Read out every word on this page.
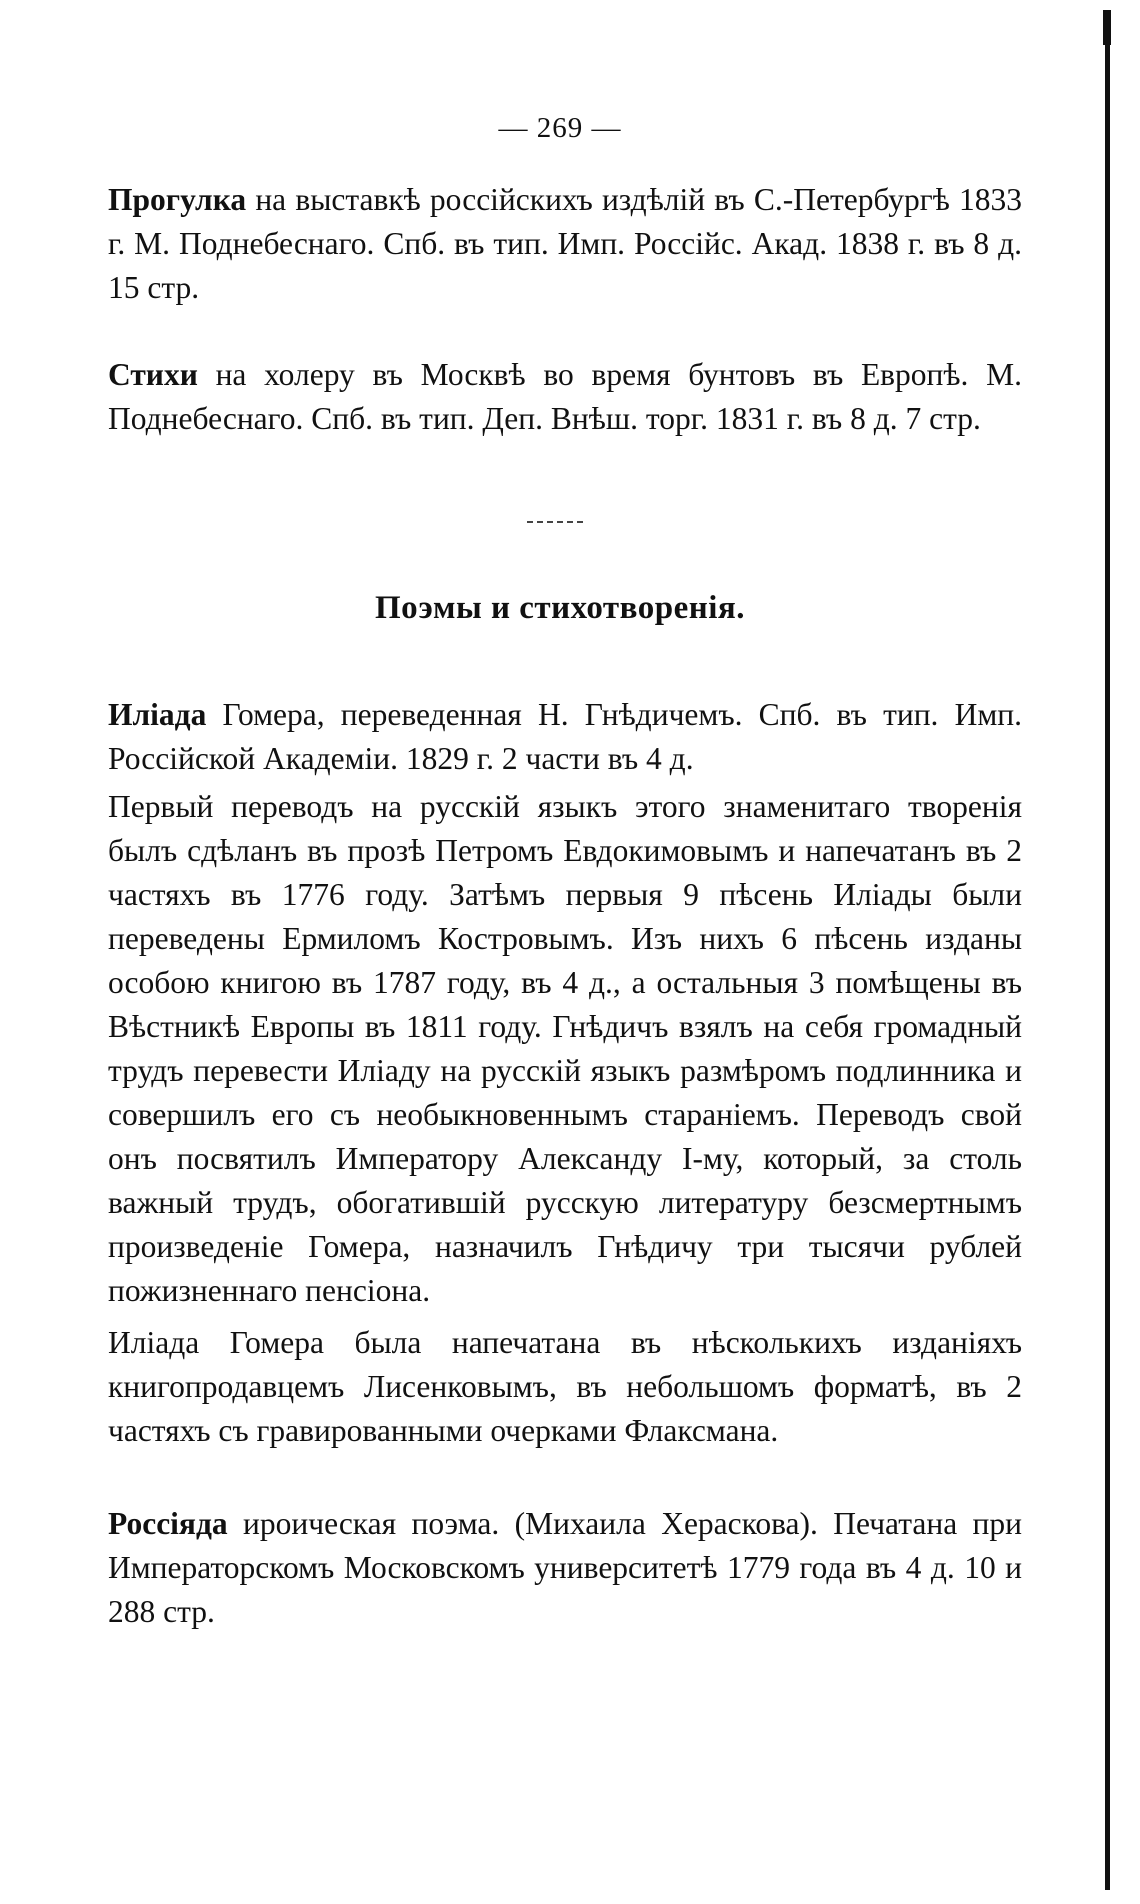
— 269 —

Прогулка на выставкѣ россійскихъ издѣлій въ С.-Петербургѣ 1833 г. М. Поднебеснаго. Спб. въ тип. Имп. Россійс. Акад. 1838 г. въ 8 д. 15 стр.

Стихи на холеру въ Москвѣ во время бунтовъ въ Европѣ. М. Поднебеснаго. Спб. въ тип. Деп. Внѣш. торг. 1831 г. въ 8 д. 7 стр.

Поэмы и стихотворенія.

Иліада Гомера, переведенная Н. Гнѣдичемъ. Спб. въ тип. Имп. Россійской Академіи. 1829 г. 2 части въ 4 д.

Первый переводъ на русскій языкъ этого знаменитаго творенія былъ сдѣланъ въ прозѣ Петромъ Евдокимовымъ и напечатанъ въ 2 частяхъ въ 1776 году. Затѣмъ первыя 9 пѣсень Иліады были переведены Ермиломъ Костровымъ. Изъ нихъ 6 пѣсень изданы особою книгою въ 1787 году, въ 4 д., а остальныя 3 помѣщены въ Вѣстникѣ Европы въ 1811 году. Гнѣдичъ взялъ на себя громадный трудъ перевести Иліаду на русскій языкъ размѣромъ подлинника и совершилъ его съ необыкновеннымъ стараніемъ. Переводъ свой онъ посвятилъ Императору Александу I-му, который, за столь важный трудъ, обогатившій русскую литературу безсмертнымъ произведеніе Гомера, назначилъ Гнѣдичу три тысячи рублей пожизненнаго пенсіона.

Иліада Гомера была напечатана въ нѣсколькихъ изданіяхъ книгопродавцемъ Лисенковымъ, въ небольшомъ форматѣ, въ 2 частяхъ съ гравированными очерками Флаксмана.

Россіяда ироическая поэма. (Михаила Хераскова). Печатана при Императорскомъ Московскомъ университетѣ 1779 года въ 4 д. 10 и 288 стр.
